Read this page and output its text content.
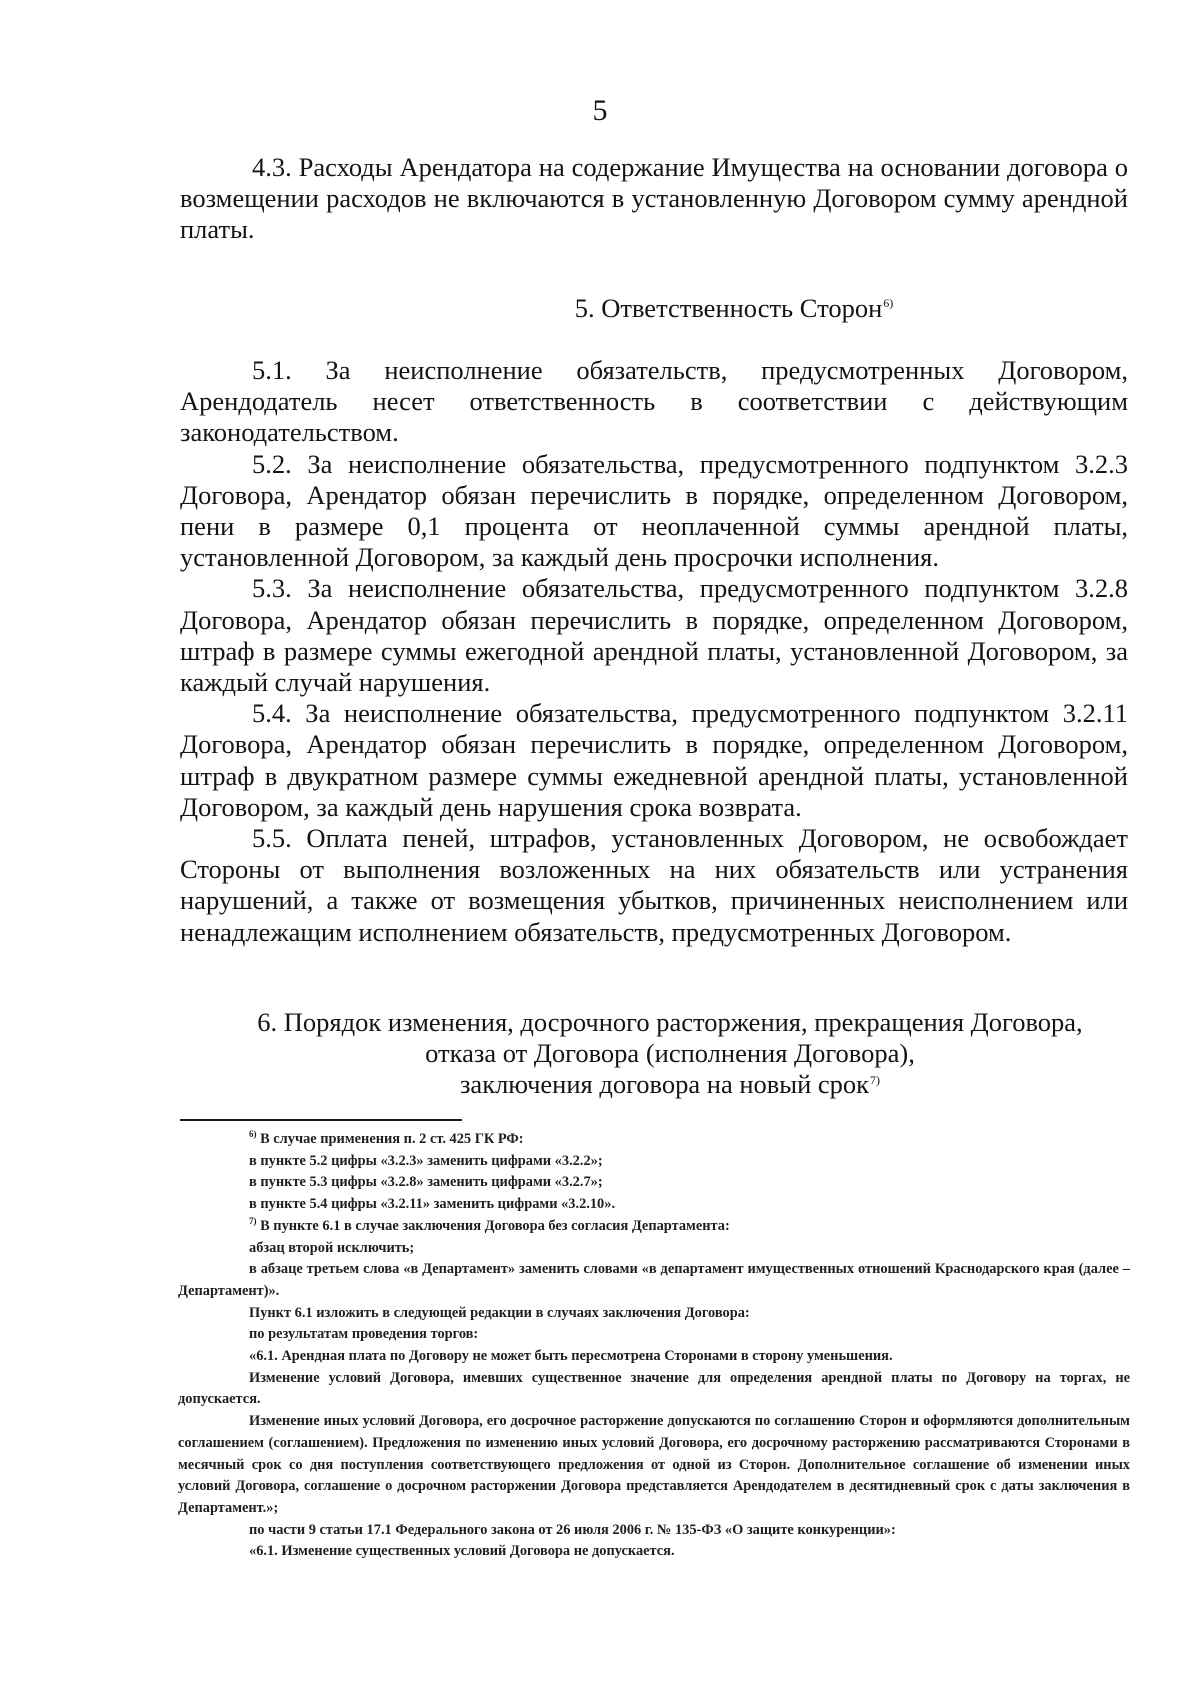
5

4.3. Расходы Арендатора на содержание Имущества на основании договора о возмещении расходов не включаются в установленную Договором сумму арендной платы.

5. Ответственность Сторон$^{6)}$

5.1. За неисполнение обязательств, предусмотренных Договором, Арендодатель несет ответственность в соответствии с действующим законодательством.

5.2. За неисполнение обязательства, предусмотренного подпунктом 3.2.3 Договора, Арендатор обязан перечислить в порядке, определенном Договором, пени в размере 0,1 процента от неоплаченной суммы арендной платы, установленной Договором, за каждый день просрочки исполнения.

5.3. За неисполнение обязательства, предусмотренного подпунктом 3.2.8 Договора, Арендатор обязан перечислить в порядке, определенном Договором, штраф в размере суммы ежегодной арендной платы, установленной Договором, за каждый случай нарушения.

5.4. За неисполнение обязательства, предусмотренного подпунктом 3.2.11 Договора, Арендатор обязан перечислить в порядке, определенном Договором, штраф в двукратном размере суммы ежедневной арендной платы, установленной Договором, за каждый день нарушения срока возврата.

5.5. Оплата пеней, штрафов, установленных Договором, не освобождает Стороны от выполнения возложенных на них обязательств или устранения нарушений, а также от возмещения убытков, причиненных неисполнением или ненадлежащим исполнением обязательств, предусмотренных Договором.

6. Порядок изменения, досрочного расторжения, прекращения Договора,
отказа от Договора (исполнения Договора),
заключения договора на новый срок$^{7)}$

$^{6)}$ В случае применения п. 2 ст. 425 ГК РФ:

в пункте 5.2 цифры «3.2.3» заменить цифрами «3.2.2»;

в пункте 5.3 цифры «3.2.8» заменить цифрами «3.2.7»;

в пункте 5.4 цифры «3.2.11» заменить цифрами «3.2.10».

$^{7)}$ В пункте 6.1 в случае заключения Договора без согласия Департамента:

абзац второй исключить;

в абзаце третьем слова «в Департамент» заменить словами «в департамент имущественных отношений Краснодарского края (далее – Департамент)».

Пункт 6.1 изложить в следующей редакции в случаях заключения Договора:

по результатам проведения торгов:

«6.1. Арендная плата по Договору не может быть пересмотрена Сторонами в сторону уменьшения.

Изменение условий Договора, имевших существенное значение для определения арендной платы по Договору на торгах, не допускается.

Изменение иных условий Договора, его досрочное расторжение допускаются по соглашению Сторон и оформляются дополнительным соглашением (соглашением). Предложения по изменению иных условий Договора, его досрочному расторжению рассматриваются Сторонами в месячный срок со дня поступления соответствующего предложения от одной из Сторон. Дополнительное соглашение об изменении иных условий Договора, соглашение о досрочном расторжении Договора представляется Арендодателем в десятидневный срок с даты заключения в Департамент.»;

по части 9 статьи 17.1 Федерального закона от 26 июля 2006 г. № 135-ФЗ «О защите конкуренции»:

«6.1. Изменение существенных условий Договора не допускается.
